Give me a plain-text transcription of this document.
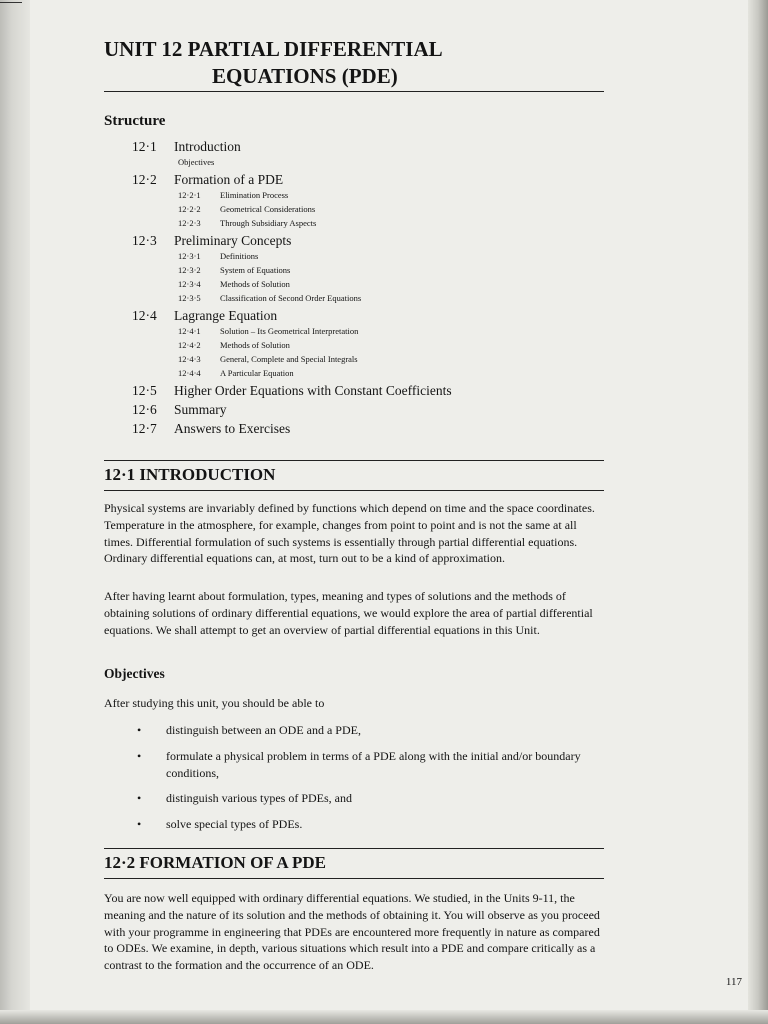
UNIT 12 PARTIAL DIFFERENTIAL
EQUATIONS (PDE)
Structure
12·1	Introduction
Objectives
12·2	Formation of a PDE
12·2·1	Elimination Process
12·2·2	Geometrical Considerations
12·2·3	Through Subsidiary Aspects
12·3	Preliminary Concepts
12·3·1	Definitions
12·3·2	System of Equations
12·3·4	Methods of Solution
12·3·5	Classification of Second Order Equations
12·4	Lagrange Equation
12·4·1	Solution – Its Geometrical Interpretation
12·4·2	Methods of Solution
12·4·3	General, Complete and Special Integrals
12·4·4	A Particular Equation
12·5	Higher Order Equations with Constant Coefficients
12·6	Summary
12·7	Answers to Exercises
12·1 INTRODUCTION

Physical systems are invariably defined by functions which depend on time and the space coordinates. Temperature in the atmosphere, for example, changes from point to point and is not the same at all times. Differential formulation of such systems is essentially through partial differential equations. Ordinary differential equations can, at most, turn out to be a kind of approximation.

After having learnt about formulation, types, meaning and types of solutions and the methods of obtaining solutions of ordinary differential equations, we would explore the area of partial differential equations. We shall attempt to get an overview of partial differential equations in this Unit.

Objectives

After studying this unit, you should be able to

• distinguish between an ODE and a PDE,
• formulate a physical problem in terms of a PDE along with the initial and/or boundary conditions,
• distinguish various types of PDEs, and
• solve special types of PDEs.
12·2 FORMATION OF A PDE

You are now well equipped with ordinary differential equations. We studied, in the Units 9-11, the meaning and the nature of its solution and the methods of obtaining it. You will observe as you proceed with your programme in engineering that PDEs are encountered more frequently in nature as compared to ODEs. We examine, in depth, various situations which result into a PDE and compare critically as a contrast to the formation and the occurrence of an ODE.

117
